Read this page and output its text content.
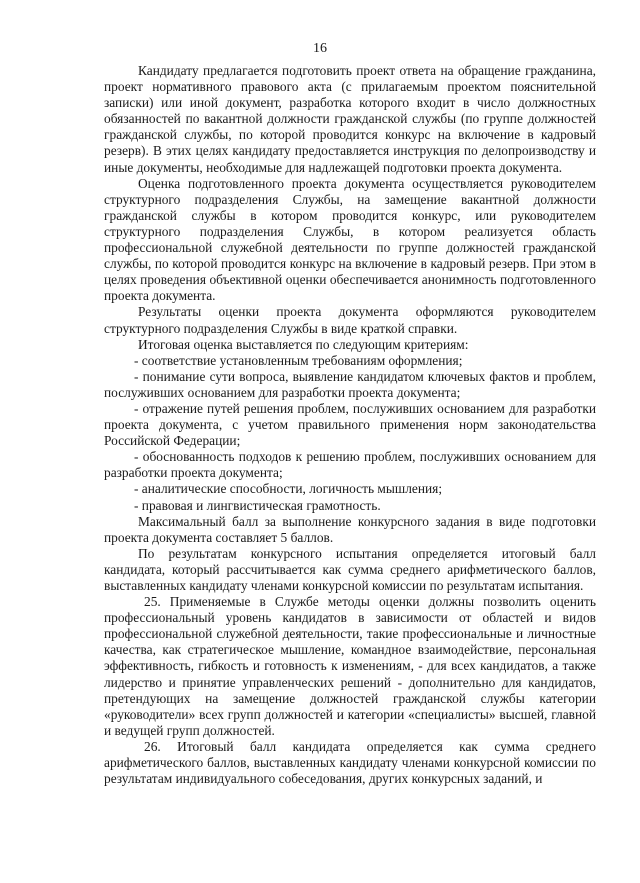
16

Кандидату предлагается подготовить проект ответа на обращение гражданина, проект нормативного правового акта (с прилагаемым проектом пояснительной записки) или иной документ, разработка которого входит в число должностных обязанностей по вакантной должности гражданской службы (по группе должностей гражданской службы, по которой проводится конкурс на включение в кадровый резерв). В этих целях кандидату предоставляется инструкция по делопроизводству и иные документы, необходимые для надлежащей подготовки проекта документа.

Оценка подготовленного проекта документа осуществляется руководителем структурного подразделения Службы, на замещение вакантной должности гражданской службы в котором проводится конкурс, или руководителем структурного подразделения Службы, в котором реализуется область профессиональной служебной деятельности по группе должностей гражданской службы, по которой проводится конкурс на включение в кадровый резерв. При этом в целях проведения объективной оценки обеспечивается анонимность подготовленного проекта документа.

Результаты оценки проекта документа оформляются руководителем структурного подразделения Службы в виде краткой справки.

Итоговая оценка выставляется по следующим критериям:

- соответствие установленным требованиям оформления;

- понимание сути вопроса, выявление кандидатом ключевых фактов и проблем, послуживших основанием для разработки проекта документа;

- отражение путей решения проблем, послуживших основанием для разработки проекта документа, с учетом правильного применения норм законодательства Российской Федерации;

- обоснованность подходов к решению проблем, послуживших основанием для разработки проекта документа;

- аналитические способности, логичность мышления;

- правовая и лингвистическая грамотность.

Максимальный балл за выполнение конкурсного задания в виде подготовки проекта документа составляет 5 баллов.

По результатам конкурсного испытания определяется итоговый балл кандидата, который рассчитывается как сумма среднего арифметического баллов, выставленных кандидату членами конкурсной комиссии по результатам испытания.

25. Применяемые в Службе методы оценки должны позволить оценить профессиональный уровень кандидатов в зависимости от областей и видов профессиональной служебной деятельности, такие профессиональные и личностные качества, как стратегическое мышление, командное взаимодействие, персональная эффективность, гибкость и готовность к изменениям, - для всех кандидатов, а также лидерство и принятие управленческих решений - дополнительно для кандидатов, претендующих на замещение должностей гражданской службы категории «руководители» всех групп должностей и категории «специалисты» высшей, главной и ведущей групп должностей.

26. Итоговый балл кандидата определяется как сумма среднего арифметического баллов, выставленных кандидату членами конкурсной комиссии по результатам индивидуального собеседования, других конкурсных заданий, и
